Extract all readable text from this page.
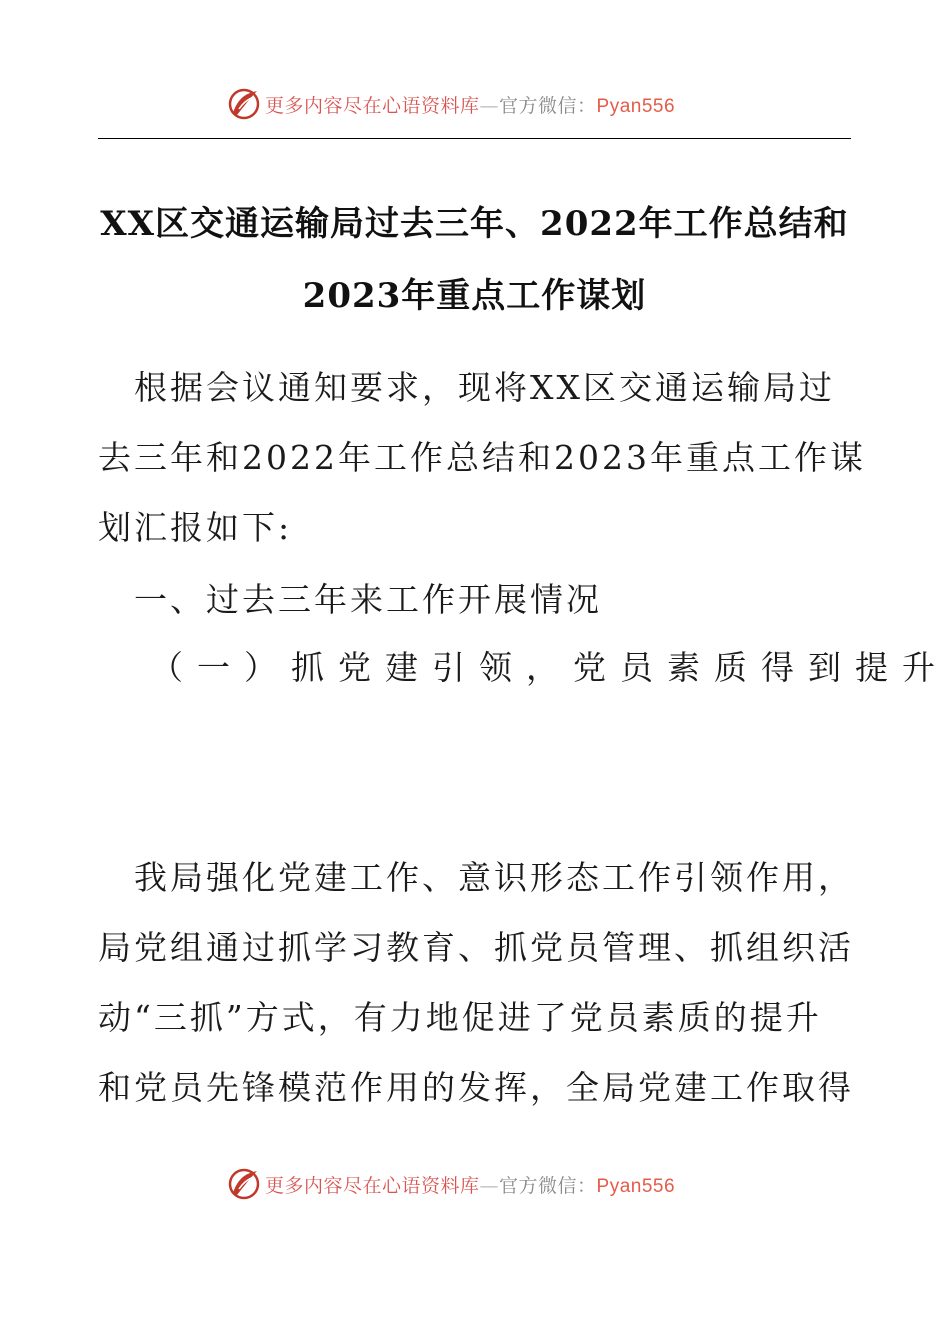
更多内容尽在心语资料库—官方微信：Pyan556
XX区交通运输局过去三年、2022年工作总结和
2023年重点工作谋划
　根据会议通知要求，现将XX区交通运输局过
去三年和2022年工作总结和2023年重点工作谋
划汇报如下:
　一、过去三年来工作开展情况
（一）抓党建引领，党员素质得到提升
　我局强化党建工作、意识形态工作引领作用，
局党组通过抓学习教育、抓党员管理、抓组织活
动“三抓”方式，有力地促进了党员素质的提升
和党员先锋模范作用的发挥，全局党建工作取得
更多内容尽在心语资料库—官方微信：Pyan556
